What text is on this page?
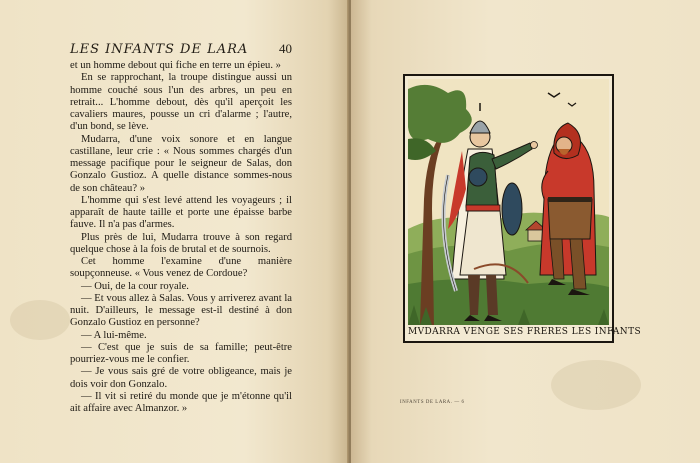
LES INFANTS DE LARA 40

et un homme debout qui fiche en terre un épieu. »

En se rapprochant, la troupe distingue aussi un homme couché sous l'un des arbres, un peu en retrait... L'homme debout, dès qu'il aperçoit les cavaliers maures, pousse un cri d'alarme ; l'autre, d'un bond, se lève.

Mudarra, d'une voix sonore et en langue castillane, leur crie : « Nous sommes chargés d'un message pacifique pour le seigneur de Salas, don Gonzalo Gustioz. A quelle distance sommes-nous de son château? »

L'homme qui s'est levé attend les voyageurs ; il apparaît de haute taille et porte une épaisse barbe fauve. Il n'a pas d'armes.

Plus près de lui, Mudarra trouve à son regard quelque chose à la fois de brutal et de sournois.

Cet homme l'examine d'une manière soupçonneuse. « Vous venez de Cordoue?

— Oui, de la cour royale.

— Et vous allez à Salas. Vous y arriverez avant la nuit. D'ailleurs, le message est-il destiné à don Gonzalo Gustioz en personne?

— A lui-même.

— C'est que je suis de sa famille; peut-être pourriez-vous me le confier.

— Je vous sais gré de votre obligeance, mais je dois voir don Gonzalo.

— Il vit si retiré du monde que je m'étonne qu'il ait affaire avec Almanzor. »

MVDARRA VENGE SES FRERES LES INFANTS
INFANTS DE LARA. — 6
